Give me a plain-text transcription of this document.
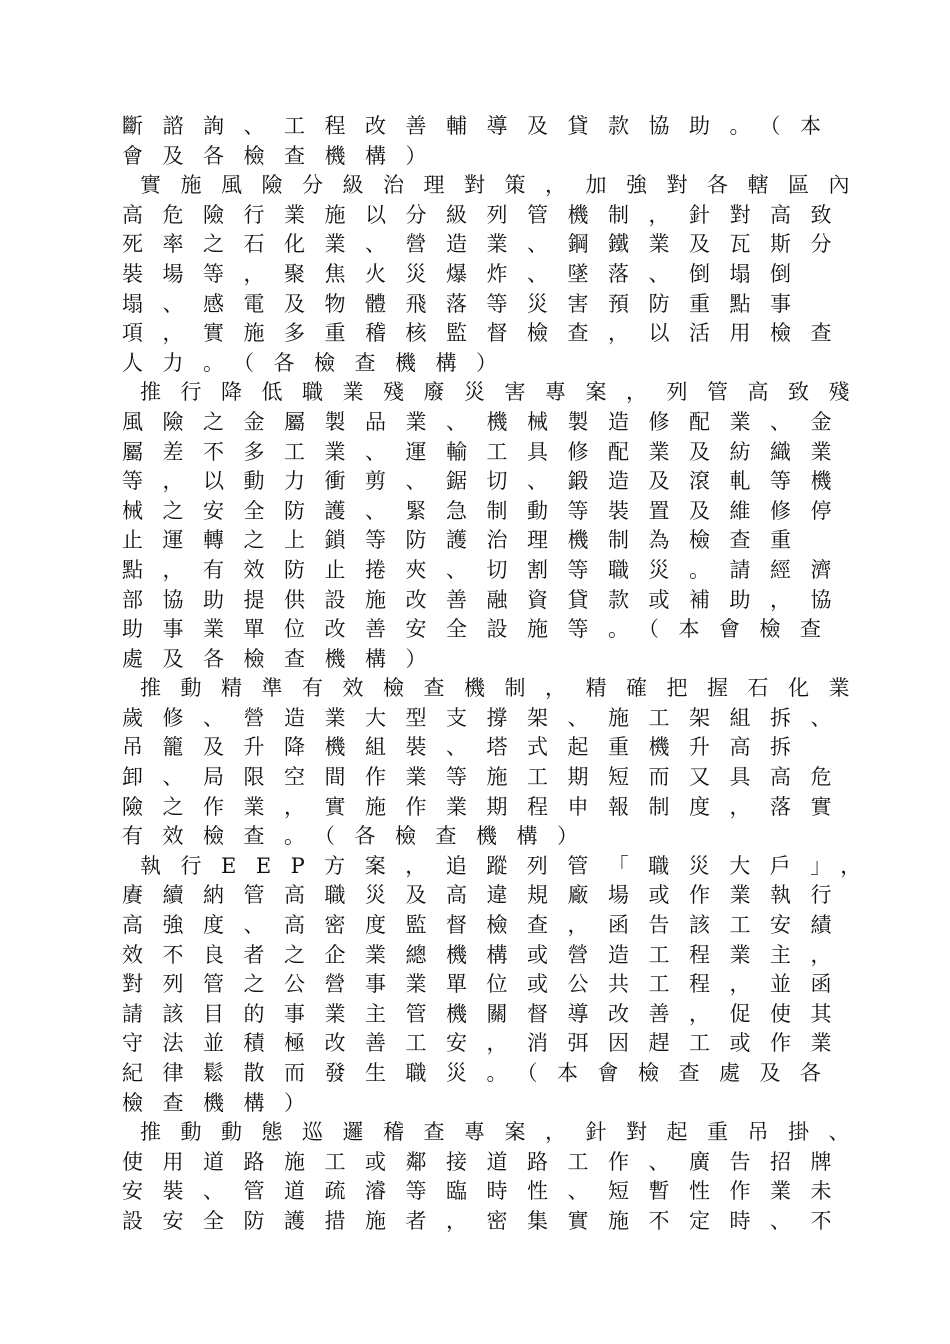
斷諮詢、工程改善輔導及貸款協助。（本
會及各檢查機構）
實施風險分級治理對策，加強對各轄區內
高危險行業施以分級列管機制，針對高致
死率之石化業、營造業、鋼鐵業及瓦斯分
裝場等，聚焦火災爆炸、墜落、倒塌倒
塌、感電及物體飛落等災害預防重點事
項，實施多重稽核監督檢查，以活用檢查
人力。（各檢查機構）
推行降低職業殘廢災害專案，列管高致殘
風險之金屬製品業、機械製造修配業、金
屬差不多工業、運輸工具修配業及紡織業
等，以動力衝剪、鋸切、鍛造及滾軋等機
械之安全防護、緊急制動等裝置及維修停
止運轉之上鎖等防護治理機制為檢查重
點，有效防止捲夾、切割等職災。請經濟
部協助提供設施改善融資貸款或補助，協
助事業單位改善安全設施等。（本會檢查
處及各檢查機構）
推動精準有效檢查機制，精確把握石化業
歲修、營造業大型支撐架、施工架組拆、
吊籠及升降機組裝、塔式起重機升高拆
卸、局限空間作業等施工期短而又具高危
險之作業，實施作業期程申報制度，落實
有效檢查。（各檢查機構）
執行EEP方案，追蹤列管「職災大戶」，
賡續納管高職災及高違規廠場或作業執行
高強度、高密度監督檢查，函告該工安績
效不良者之企業總機構或營造工程業主，
對列管之公營事業單位或公共工程，並函
請該目的事業主管機關督導改善，促使其
守法並積極改善工安，消弭因趕工或作業
紀律鬆散而發生職災。（本會檢查處及各
檢查機構）
推動動態巡邏稽查專案，針對起重吊掛、
使用道路施工或鄰接道路工作、廣告招牌
安裝、管道疏濬等臨時性、短暫性作業未
設安全防護措施者，密集實施不定時、不
